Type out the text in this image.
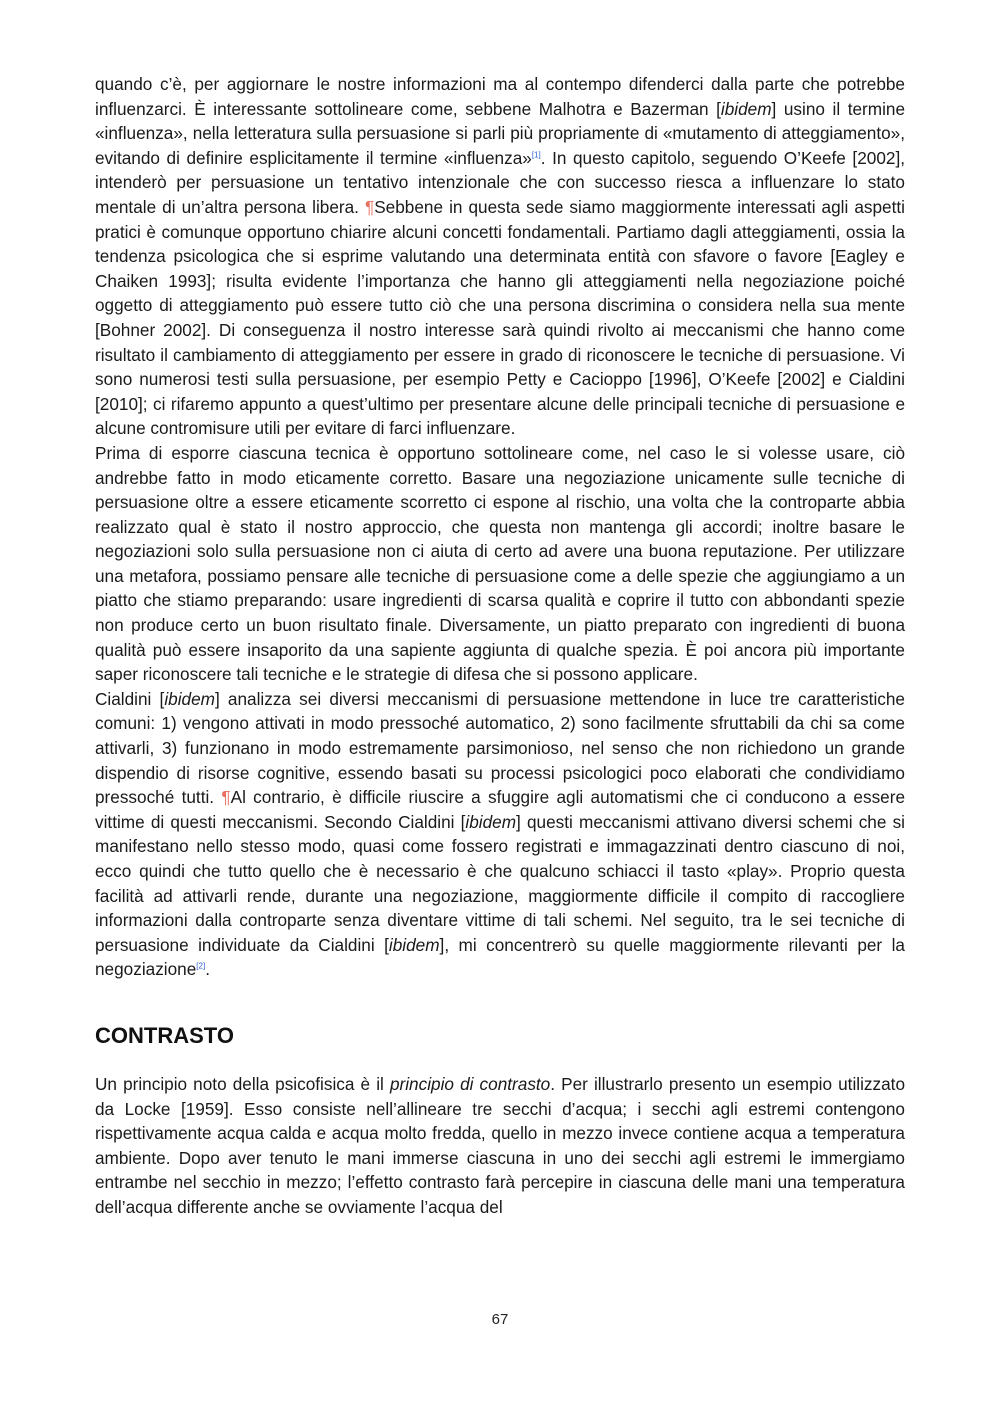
quando c’è, per aggiornare le nostre informazioni ma al contempo difenderci dalla parte che potrebbe influenzarci. È interessante sottolineare come, sebbene Malhotra e Bazerman [ibidem] usino il termine «influenza», nella letteratura sulla persuasione si parli più propriamente di «mutamento di atteggiamento», evitando di definire esplicitamente il termine «influenza»[1]. In questo capitolo, seguendo O’Keefe [2002], intenderò per persuasione un tentativo intenzionale che con successo riesca a influenzare lo stato mentale di un’altra persona libera. ¶Sebbene in questa sede siamo maggiormente interessati agli aspetti pratici è comunque opportuno chiarire alcuni concetti fondamentali. Partiamo dagli atteggiamenti, ossia la tendenza psicologica che si esprime valutando una determinata entità con sfavore o favore [Eagley e Chaiken 1993]; risulta evidente l’importanza che hanno gli atteggiamenti nella negoziazione poiché oggetto di atteggiamento può essere tutto ciò che una persona discrimina o considera nella sua mente [Bohner 2002]. Di conseguenza il nostro interesse sarà quindi rivolto ai meccanismi che hanno come risultato il cambiamento di atteggiamento per essere in grado di riconoscere le tecniche di persuasione. Vi sono numerosi testi sulla persuasione, per esempio Petty e Cacioppo [1996], O’Keefe [2002] e Cialdini [2010]; ci rifaremo appunto a quest’ultimo per presentare alcune delle principali tecniche di persuasione e alcune contromisure utili per evitare di farci influenzare.

Prima di esporre ciascuna tecnica è opportuno sottolineare come, nel caso le si volesse usare, ciò andrebbe fatto in modo eticamente corretto. Basare una negoziazione unicamente sulle tecniche di persuasione oltre a essere eticamente scorretto ci espone al rischio, una volta che la controparte abbia realizzato qual è stato il nostro approccio, che questa non mantenga gli accordi; inoltre basare le negoziazioni solo sulla persuasione non ci aiuta di certo ad avere una buona reputazione. Per utilizzare una metafora, possiamo pensare alle tecniche di persuasione come a delle spezie che aggiungiamo a un piatto che stiamo preparando: usare ingredienti di scarsa qualità e coprire il tutto con abbondanti spezie non produce certo un buon risultato finale. Diversamente, un piatto preparato con ingredienti di buona qualità può essere insaporito da una sapiente aggiunta di qualche spezia. È poi ancora più importante saper riconoscere tali tecniche e le strategie di difesa che si possono applicare.

Cialdini [ibidem] analizza sei diversi meccanismi di persuasione mettendone in luce tre caratteristiche comuni: 1) vengono attivati in modo pressoché automatico, 2) sono facilmente sfruttabili da chi sa come attivarli, 3) funzionano in modo estremamente parsimonioso, nel senso che non richiedono un grande dispendio di risorse cognitive, essendo basati su processi psicologici poco elaborati che condividiamo pressoché tutti. ¶Al contrario, è difficile riuscire a sfuggire agli automatismi che ci conducono a essere vittime di questi meccanismi. Secondo Cialdini [ibidem] questi meccanismi attivano diversi schemi che si manifestano nello stesso modo, quasi come fossero registrati e immagazzinati dentro ciascuno di noi, ecco quindi che tutto quello che è necessario è che qualcuno schiacci il tasto «play». Proprio questa facilità ad attivarli rende, durante una negoziazione, maggiormente difficile il compito di raccogliere informazioni dalla controparte senza diventare vittime di tali schemi. Nel seguito, tra le sei tecniche di persuasione individuate da Cialdini [ibidem], mi concentrerò su quelle maggiormente rilevanti per la negoziazione[2].

CONTRASTO

Un principio noto della psicofisica è il principio di contrasto. Per illustrarlo presento un esempio utilizzato da Locke [1959]. Esso consiste nell’allineare tre secchi d’acqua; i secchi agli estremi contengono rispettivamente acqua calda e acqua molto fredda, quello in mezzo invece contiene acqua a temperatura ambiente. Dopo aver tenuto le mani immerse ciascuna in uno dei secchi agli estremi le immergiamo entrambe nel secchio in mezzo; l’effetto contrasto farà percepire in ciascuna delle mani una temperatura dell’acqua differente anche se ovviamente l’acqua del

67
